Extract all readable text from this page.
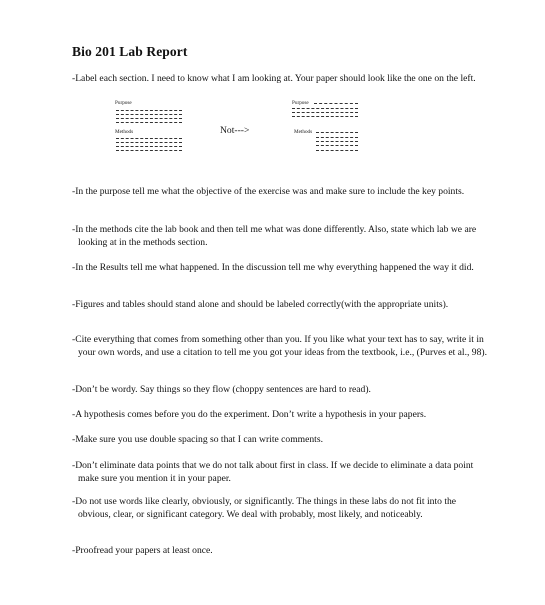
Bio 201 Lab Report
-Label each section. I need to know what I am looking at. Your paper should look like the one on the left.
Purpose
Methods	Not--->
Purpose
Methods
-In the purpose tell me what the objective of the exercise was and make sure to include the key points.
-In the methods cite the lab book and then tell me what was done differently. Also, state which lab we are looking at in the methods section.
-In the Results tell me what happened. In the discussion tell me why everything happened the way it did.
-Figures and tables should stand alone and should be labeled correctly(with the appropriate units).
-Cite everything that comes from something other than you. If you like what your text has to say, write it in your own words, and use a citation to tell me you got your ideas from the textbook, i.e., (Purves et al., 98).
-Don’t be wordy. Say things so they flow (choppy sentences are hard to read).
-A hypothesis comes before you do the experiment. Don’t write a hypothesis in your papers.
-Make sure you use double spacing so that I can write comments.
-Don’t eliminate data points that we do not talk about first in class. If we decide to eliminate a data point make sure you mention it in your paper.
-Do not use words like clearly, obviously, or significantly. The things in these labs do not fit into the obvious, clear, or significant category. We deal with probably, most likely, and noticeably.
-Proofread your papers at least once.
